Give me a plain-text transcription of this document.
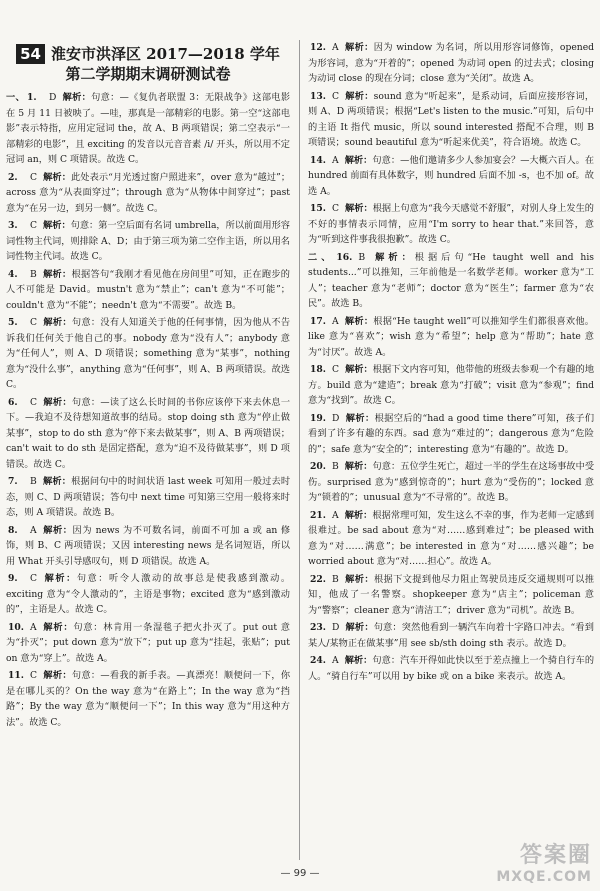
54 淮安市洪泽区 2017—2018 学年
第二学期期末调研测试卷
一、 1. D 解析 ： 句意：—《复仇者联盟 3：无限战争》这部电影在 5 月 11 日被映了。—哇，那真是一部精彩的电影。第一空“这部电影”表示特指，应用定冠词 the，故 A、B 两项错误；第二空表示“一部精彩的电影”，且 exciting 的发音以元音音素 /i/ 开头，所以用不定冠词 an，则 C 项错误。故选 C。
2. C 解析 ： 此处表示“月光透过窗户照进来”，over 意为“越过”；across 意为“从表面穿过”；through 意为“从物体中间穿过”；past 意为“在另一边，到另一侧”。故选 C。
3. C 解析 ： 句意：第一空后面有名词 umbrella，所以前面用形容词性物主代词，则排除 A、D；由于第三项为第二空作主语，所以用名词性物主代词。故选 C。
4. B 解析 ： 根据答句“我刚才看见他在房间里”可知，正在跑步的人不可能是 David。mustn't 意为“禁止”；can't 意为“不可能”；couldn't 意为“不能”；needn't 意为“不需要”。故选 B。
5. C 解析 ： 句意：没有人知道关于他的任何事情，因为他从不告诉我们任何关于他自己的事。nobody 意为“没有人”；anybody 意为“任何人”，则 A、D 项错误；something 意为“某事”，nothing 意为“没什么事”，anything 意为“任何事”，则 A、B 两项错误。故选 C。
6. C 解析 ： 句意：—读了这么长时间的书你应该停下来去休息一下。—我迫不及待想知道故事的结局。stop doing sth 意为“停止做某事”，stop to do sth 意为“停下来去做某事”，则 A、B 两项错误；can't wait to do sth 是固定搭配，意为“迫不及待做某事”，则 D 项错误。故选 C。
7. B 解析 ： 根据问句中的时间状语 last week 可知用一般过去时态，则 C、D 两项错误；答句中 next time 可知第三空用一般将来时态，则 A 项错误。故选 B。
8. A 解析 ： 因为 news 为不可数名词，前面不可加 a 或 an 修饰，则 B、C 两项错误；又因 interesting news 是名词短语，所以用 What 开头引导感叹句，则 D 项错误。故选 A。
9. C 解析 ： 句意：听令人激动的故事总是使我感到激动。exciting 意为“令人激动的”，主语是事物；excited 意为“感到激动的”，主语是人。故选 C。
10. A 解析 ： 句意：林肯用一条湿毯子把火扑灭了。put out 意为“扑灭”；put down 意为“放下”；put up 意为“挂起，张贴”；put on 意为“穿上”。故选 A。
11. C 解析 ： 句意：—看我的新手表。—真漂亮！顺便问一下，你是在哪儿买的？On the way 意为“在路上”；In the way 意为“挡路”；By the way 意为“顺便问一下”；In this way 意为“用这种方法”。故选 C。
12. A 解析 ： 因为 window 为名词，所以用形容词修饰，opened 为形容词，意为“开着的”；opened 为动词 open 的过去式；closing 为动词 close 的现在分词；close 意为“关闭”。故选 A。
13. C 解析 ： sound 意为“听起来”，是系动词，后面应接形容词，则 A、D 两项错误；根据“Let's listen to the music.”可知，后句中的主语 It 指代 music，所以 sound interested 搭配不合理，则 B 项错误；sound beautiful 意为“听起来优美”，符合语境。故选 C。
14. A 解析 ： 句意：—他们邀请多少人参加宴会？—大概六百人。在 hundred 前面有具体数字，则 hundred 后面不加 -s，也不加 of。故选 A。
15. C 解析 ： 根据上句意为“我今天感觉不舒服”，对别人身上发生的不好的事情表示同情，应用“I'm sorry to hear that.”来回答，意为“听到这件事我很抱歉”。故选 C。
二、 16. B 解析 ： 根据后句“He taught well and his students...”可以推知，三年前他是一名数学老师。worker 意为“工人”；teacher 意为“老师”；doctor 意为“医生”；farmer 意为“农民”。故选 B。
17. A 解析 ： 根据“He taught well”可以推知学生们都很喜欢他。like 意为“喜欢”；wish 意为“希望”；help 意为“帮助”；hate 意为“讨厌”。故选 A。
18. C 解析 ： 根据下文内容可知，他带他的班级去参观一个有趣的地方。build 意为“建造”；break 意为“打破”；visit 意为“参观”；find 意为“找到”。故选 C。
19. D 解析 ： 根据空后的“had a good time there”可知，孩子们看到了许多有趣的东西。sad 意为“难过的”；dangerous 意为“危险的”；safe 意为“安全的”；interesting 意为“有趣的”。故选 D。
20. B 解析 ： 句意：五位学生死亡，超过一半的学生在这场事故中受伤。surprised 意为“感到惊奇的”；hurt 意为“受伤的”；locked 意为“锁着的”；unusual 意为“不寻常的”。故选 B。
21. A 解析 ： 根据常理可知，发生这么不幸的事，作为老师一定感到很难过。be sad about 意为“对……感到难过”；be pleased with 意为“对……满意”；be interested in 意为“对……感兴趣”；be worried about 意为“对……担心”。故选 A。
22. B 解析 ： 根据下文提到他尽力阻止驾驶员违反交通规则可以推知，他成了一名警察。shopkeeper 意为“店主”；policeman 意为“警察”；cleaner 意为“清洁工”；driver 意为“司机”。故选 B。
23. D 解析 ： 句意：突然他看到一辆汽车向着十字路口冲去。“看到某人/某物正在做某事”用 see sb/sth doing sth 表示。故选 D。
24. A 解析 ： 句意：汽车开得如此快以至于差点撞上一个骑自行车的人。“骑自行车”可以用 by bike 或 on a bike 来表示。故选 A。
— 99 —
答案圈
MXQE.COM
